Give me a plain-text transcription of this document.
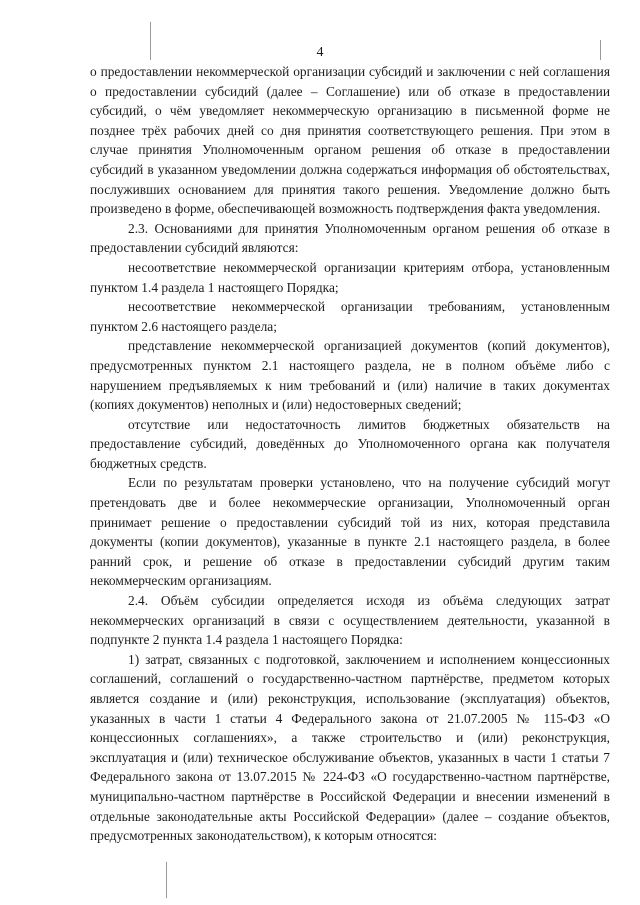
4

о предоставлении некоммерческой организации субсидий и заключении с ней соглашения о предоставлении субсидий (далее – Соглашение) или об отказе в предоставлении субсидий, о чём уведомляет некоммерческую организацию в письменной форме не позднее трёх рабочих дней со дня принятия соответствующего решения. При этом в случае принятия Уполномоченным органом решения об отказе в предоставлении субсидий в указанном уведомлении должна содержаться информация об обстоятельствах, послуживших основанием для принятия такого решения. Уведомление должно быть произведено в форме, обеспечивающей возможность подтверждения факта уведомления.

2.3. Основаниями для принятия Уполномоченным органом решения об отказе в предоставлении субсидий являются:

несоответствие некоммерческой организации критериям отбора, установленным пунктом 1.4 раздела 1 настоящего Порядка;

несоответствие некоммерческой организации требованиям, установленным пунктом 2.6 настоящего раздела;

представление некоммерческой организацией документов (копий документов), предусмотренных пунктом 2.1 настоящего раздела, не в полном объёме либо с нарушением предъявляемых к ним требований и (или) наличие в таких документах (копиях документов) неполных и (или) недостоверных сведений;

отсутствие или недостаточность лимитов бюджетных обязательств на предоставление субсидий, доведённых до Уполномоченного органа как получателя бюджетных средств.

Если по результатам проверки установлено, что на получение субсидий могут претендовать две и более некоммерческие организации, Уполномоченный орган принимает решение о предоставлении субсидий той из них, которая представила документы (копии документов), указанные в пункте 2.1 настоящего раздела, в более ранний срок, и решение об отказе в предоставлении субсидий другим таким некоммерческим организациям.

2.4. Объём субсидии определяется исходя из объёма следующих затрат некоммерческих организаций в связи с осуществлением деятельности, указанной в подпункте 2 пункта 1.4 раздела 1 настоящего Порядка:

1) затрат, связанных с подготовкой, заключением и исполнением концессионных соглашений, соглашений о государственно-частном партнёрстве, предметом которых является создание и (или) реконструкция, использование (эксплуатация) объектов, указанных в части 1 статьи 4 Федерального закона от 21.07.2005 № 115-ФЗ «О концессионных соглашениях», а также строительство и (или) реконструкция, эксплуатация и (или) техническое обслуживание объектов, указанных в части 1 статьи 7 Федерального закона от 13.07.2015 № 224-ФЗ «О государственно-частном партнёрстве, муниципально-частном партнёрстве в Российской Федерации и внесении изменений в отдельные законодательные акты Российской Федерации» (далее – создание объектов, предусмотренных законодательством), к которым относятся:
